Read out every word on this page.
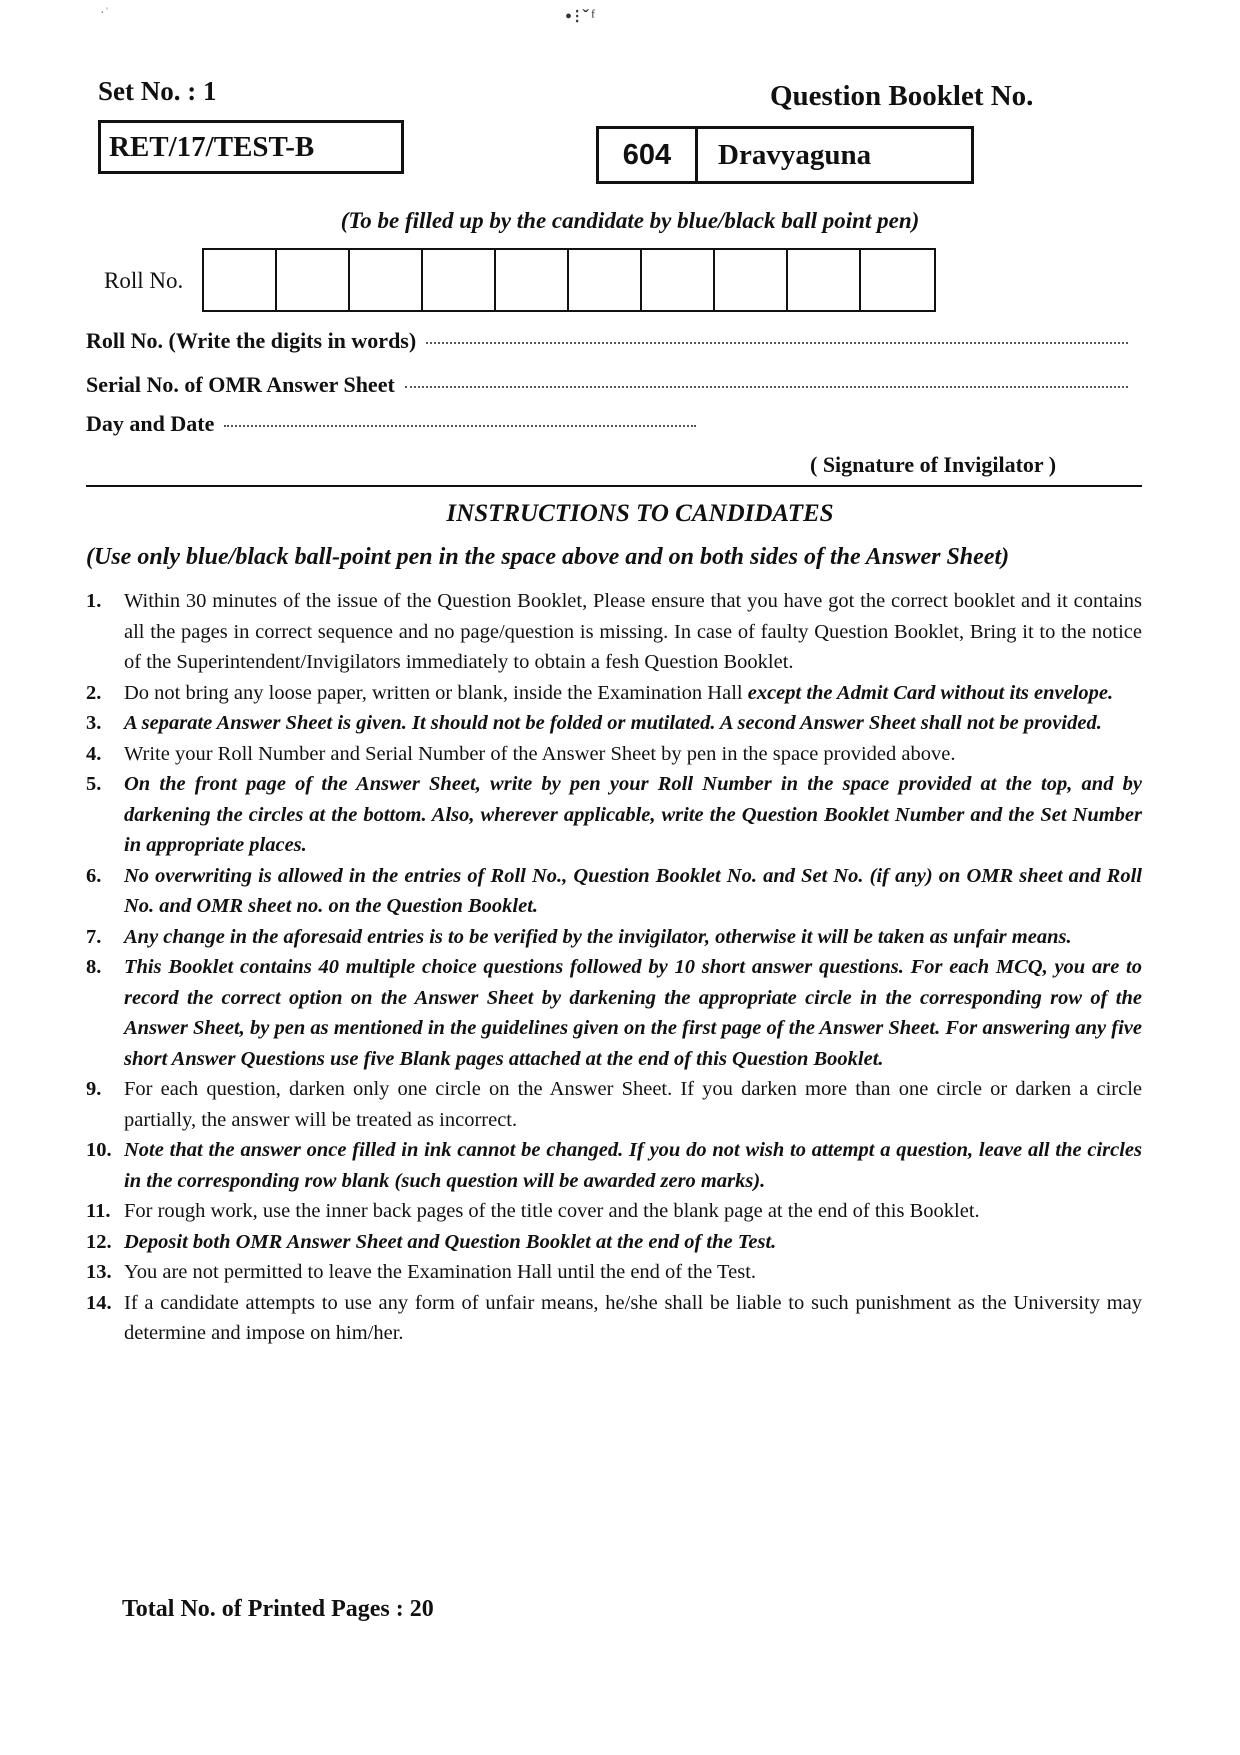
•⁝ˇᶠ
·ˈ
Set No. : 1	Question Booklet No.
RET/17/TEST-B	604	Dravyaguna
(To be filled up by the candidate by blue/black ball point pen)
Roll No.
Roll No. (Write the digits in words)
Serial No. of OMR Answer Sheet
Day and Date
( Signature of Invigilator )
INSTRUCTIONS TO CANDIDATES
(Use only blue/black ball-point pen in the space above and on both sides of the Answer Sheet)
1.	Within 30 minutes of the issue of the Question Booklet, Please ensure that you have got the correct booklet and it contains all the pages in correct sequence and no page/question is missing. In case of faulty Question Booklet, Bring it to the notice of the Superintendent/Invigilators immediately to obtain a fesh Question Booklet.
2.	Do not bring any loose paper, written or blank, inside the Examination Hall except the Admit Card without its envelope.
3.	A separate Answer Sheet is given. It should not be folded or mutilated. A second Answer Sheet shall not be provided.
4.	Write your Roll Number and Serial Number of the Answer Sheet by pen in the space provided above.
5.	On the front page of the Answer Sheet, write by pen your Roll Number in the space provided at the top, and by darkening the circles at the bottom. Also, wherever applicable, write the Question Booklet Number and the Set Number in appropriate places.
6.	No overwriting is allowed in the entries of Roll No., Question Booklet No. and Set No. (if any) on OMR sheet and Roll No. and OMR sheet no. on the Question Booklet.
7.	Any change in the aforesaid entries is to be verified by the invigilator, otherwise it will be taken as unfair means.
8.	This Booklet contains 40 multiple choice questions followed by 10 short answer questions. For each MCQ, you are to record the correct option on the Answer Sheet by darkening the appropriate circle in the corresponding row of the Answer Sheet, by pen as mentioned in the guidelines given on the first page of the Answer Sheet. For answering any five short Answer Questions use five Blank pages attached at the end of this Question Booklet.
9.	For each question, darken only one circle on the Answer Sheet. If you darken more than one circle or darken a circle partially, the answer will be treated as incorrect.
10. Note that the answer once filled in ink cannot be changed. If you do not wish to attempt a question, leave all the circles in the corresponding row blank (such question will be awarded zero marks).
11. For rough work, use the inner back pages of the title cover and the blank page at the end of this Booklet.
12. Deposit both OMR Answer Sheet and Question Booklet at the end of the Test.
13. You are not permitted to leave the Examination Hall until the end of the Test.
14. If a candidate attempts to use any form of unfair means, he/she shall be liable to such punishment as the University may determine and impose on him/her.
Total No. of Printed Pages : 20
